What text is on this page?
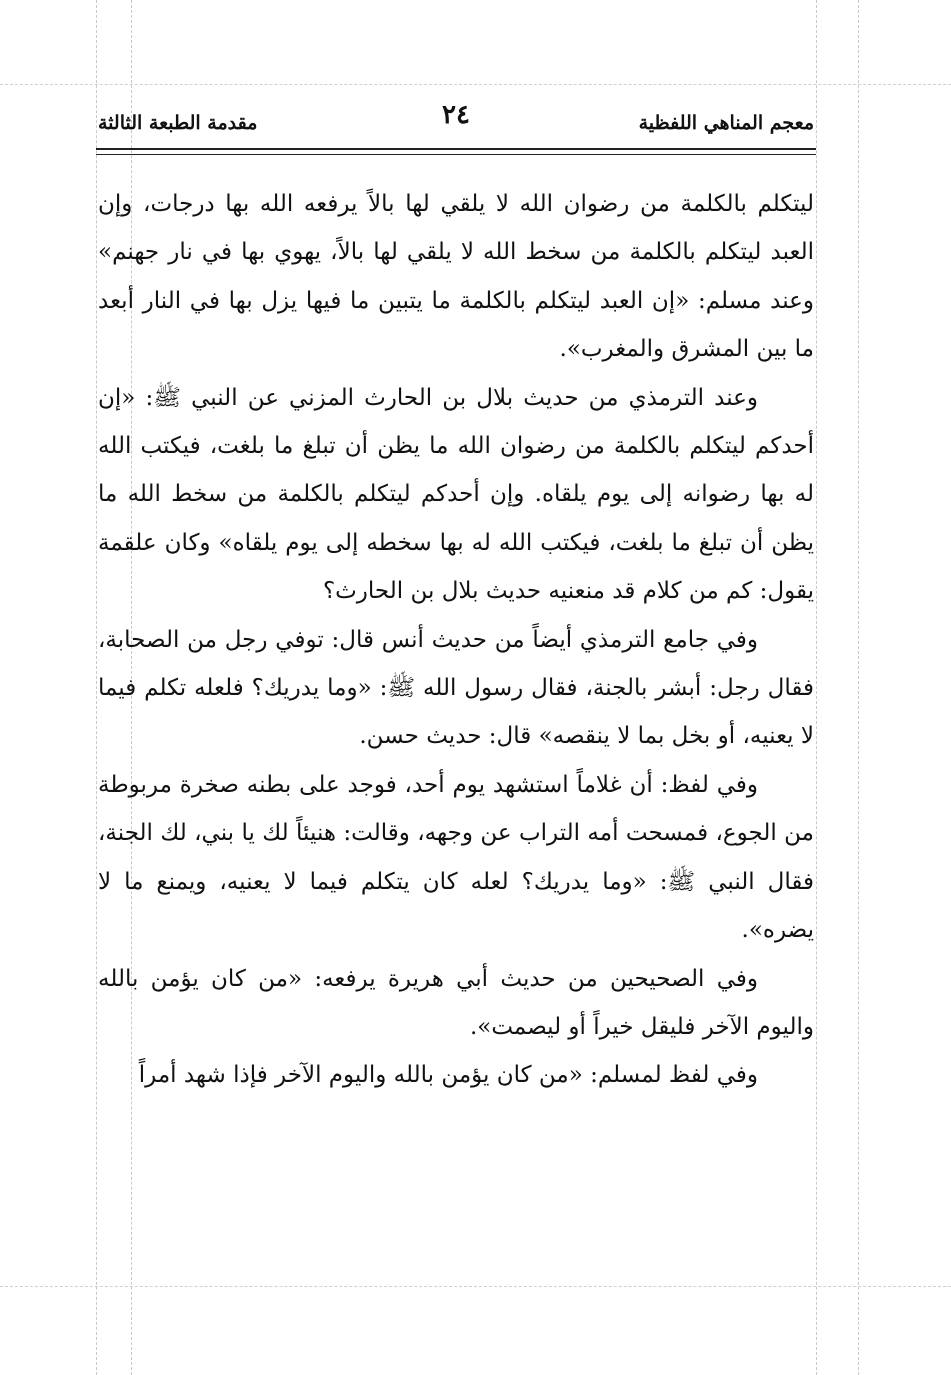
معجم المناهي اللفظية
٢٤
مقدمة الطبعة الثالثة

ليتكلم بالكلمة من رضوان الله لا يلقي لها بالاً يرفعه الله بها درجات، وإن العبد ليتكلم بالكلمة من سخط الله لا يلقي لها بالاً، يهوي بها في نار جهنم» وعند مسلم: «إن العبد ليتكلم بالكلمة ما يتبين ما فيها يزل بها في النار أبعد ما بين المشرق والمغرب».

وعند الترمذي من حديث بلال بن الحارث المزني عن النبي ﷺ: «إن أحدكم ليتكلم بالكلمة من رضوان الله ما يظن أن تبلغ ما بلغت، فيكتب الله له بها رضوانه إلى يوم يلقاه. وإن أحدكم ليتكلم بالكلمة من سخط الله ما يظن أن تبلغ ما بلغت، فيكتب الله له بها سخطه إلى يوم يلقاه» وكان علقمة يقول: كم من كلام قد منعنيه حديث بلال بن الحارث؟

وفي جامع الترمذي أيضاً من حديث أنس قال: توفي رجل من الصحابة، فقال رجل: أبشر بالجنة، فقال رسول الله ﷺ: «وما يدريك؟ فلعله تكلم فيما لا يعنيه، أو بخل بما لا ينقصه» قال: حديث حسن.

وفي لفظ: أن غلاماً استشهد يوم أحد، فوجد على بطنه صخرة مربوطة من الجوع، فمسحت أمه التراب عن وجهه، وقالت: هنيئاً لك يا بني، لك الجنة، فقال النبي ﷺ: «وما يدريك؟ لعله كان يتكلم فيما لا يعنيه، ويمنع ما لا يضره».

وفي الصحيحين من حديث أبي هريرة يرفعه: «من كان يؤمن بالله واليوم الآخر فليقل خيراً أو ليصمت».

وفي لفظ لمسلم: «من كان يؤمن بالله واليوم الآخر فإذا شهد أمراً
